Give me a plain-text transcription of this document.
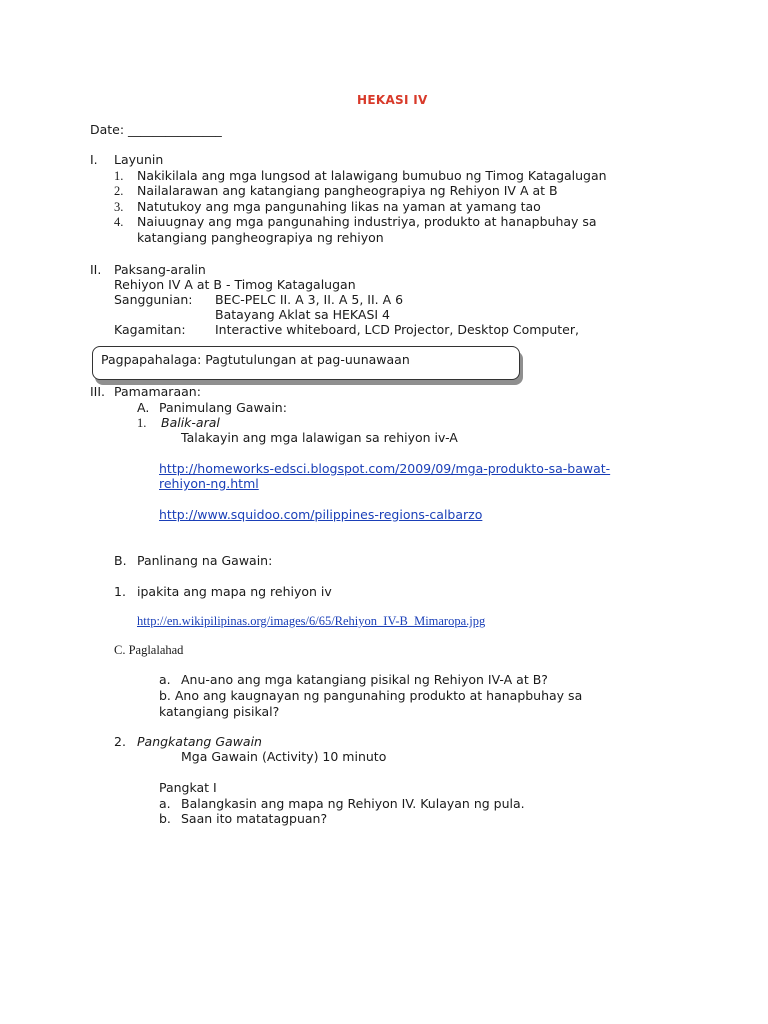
HEKASI IV
Date: _______________
I. Layunin
1. Nakikilala ang mga lungsod at lalawigang bumubuo ng Timog Katagalugan
2. Nailalarawan ang katangiang pangheograpiya ng Rehiyon IV A at B
3. Natutukoy ang mga pangunahing likas na yaman at yamang tao
4. Naiuugnay ang mga pangunahing industriya, produkto at hanapbuhay sa
katangiang pangheograpiya ng rehiyon
II. Paksang-aralin
Rehiyon IV A at B - Timog Katagalugan
Sanggunian: BEC-PELC II. A 3, II. A 5, II. A 6
Batayang Aklat sa HEKASI 4
Kagamitan: Interactive whiteboard, LCD Projector, Desktop Computer,
Pagpapahalaga: Pagtutulungan at pag-uunawaan
III. Pamamaraan:
A. Panimulang Gawain:
1. Balik-aral
Talakayin ang mga lalawigan sa rehiyon iv-A
http://homeworks-edsci.blogspot.com/2009/09/mga-produkto-sa-bawat-
rehiyon-ng.html
http://www.squidoo.com/pilippines-regions-calbarzo
B. Panlinang na Gawain:
1. ipakita ang mapa ng rehiyon iv
http://en.wikipilipinas.org/images/6/65/Rehiyon_IV-B_Mimaropa.jpg
C. Paglalahad
a. Anu-ano ang mga katangiang pisikal ng Rehiyon IV-A at B?
b. Ano ang kaugnayan ng pangunahing produkto at hanapbuhay sa
katangiang pisikal?
2. Pangkatang Gawain
Mga Gawain (Activity) 10 minuto
Pangkat I
a. Balangkasin ang mapa ng Rehiyon IV. Kulayan ng pula.
b. Saan ito matatagpuan?
